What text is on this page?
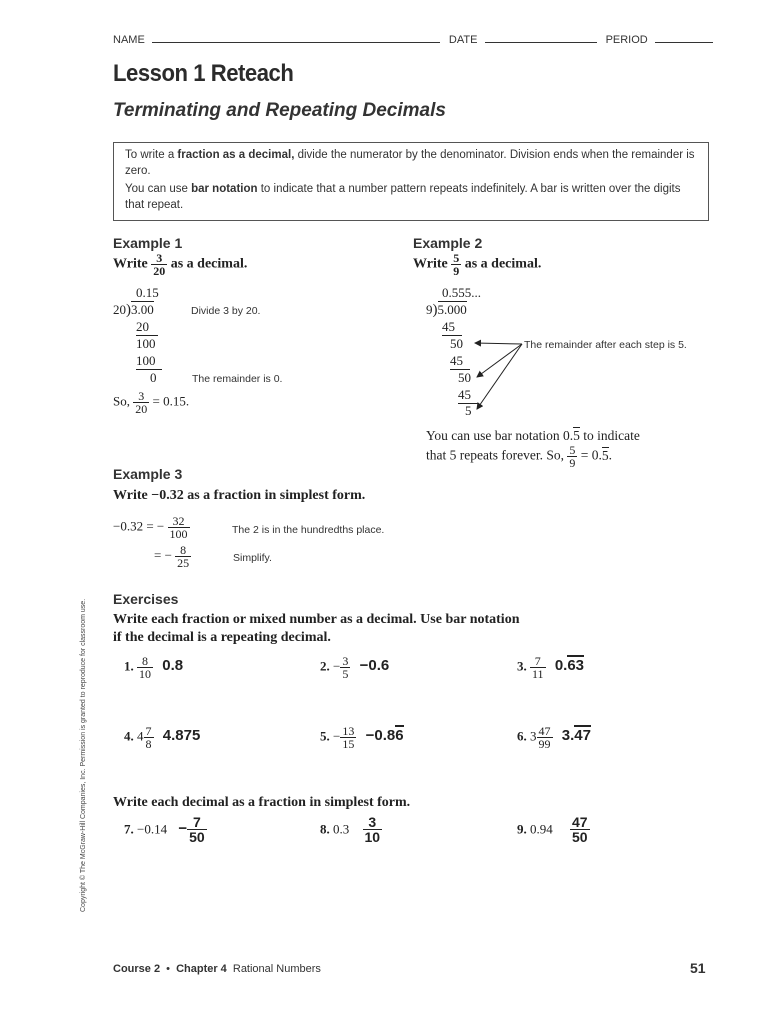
NAME	DATE	PERIOD
Lesson 1 Reteach
Terminating and Repeating Decimals
To write a fraction as a decimal, divide the numerator by the denominator. Division ends when the remainder is zero.
You can use bar notation to indicate that a number pattern repeats indefinitely. A bar is written over the digits that repeat.
Example 1
Write $\frac{3}{20}$ as a decimal.
0.15
20)3.00
20
100
100
0
Divide 3 by 20.
The remainder is 0.
So, $\frac{3}{20} = 0.15$.
Example 2
Write $\frac{5}{9}$ as a decimal.
0.555...
9)5.000
45
50
45
50
45
5
The remainder after each step is 5.
You can use bar notation 0.5 to indicate
that 5 repeats forever. So, $\frac{5}{9} = 0.5$.
Example 3
Write −0.32 as a fraction in simplest form.
−0.32 = − $\frac{32}{100}$	The 2 is in the hundredths place.
= − $\frac{8}{25}$	Simplify.
Exercises
Write each fraction or mixed number as a decimal. Use bar notation
if the decimal is a repeating decimal.
1. $\frac{8}{10} 0.8$	2. − $\frac{3}{5} -0.6$	3. $\frac{7}{11} 0.63$
4. $4 \frac{7}{8} 4.875$	5. − $\frac{13}{15} -0.86$	6. $3 \frac{47}{99} 3.47$
Write each decimal as a fraction in simplest form.
7. $-0.14 - \frac{7}{50}$	8. $0.3 \frac{3}{10}$	9. $0.94 \frac{47}{50}$
Copyright © The McGraw-Hill Companies, Inc. Permission is granted to reproduce for classroom use.
Course 2 • Chapter 4 Rational Numbers	51
